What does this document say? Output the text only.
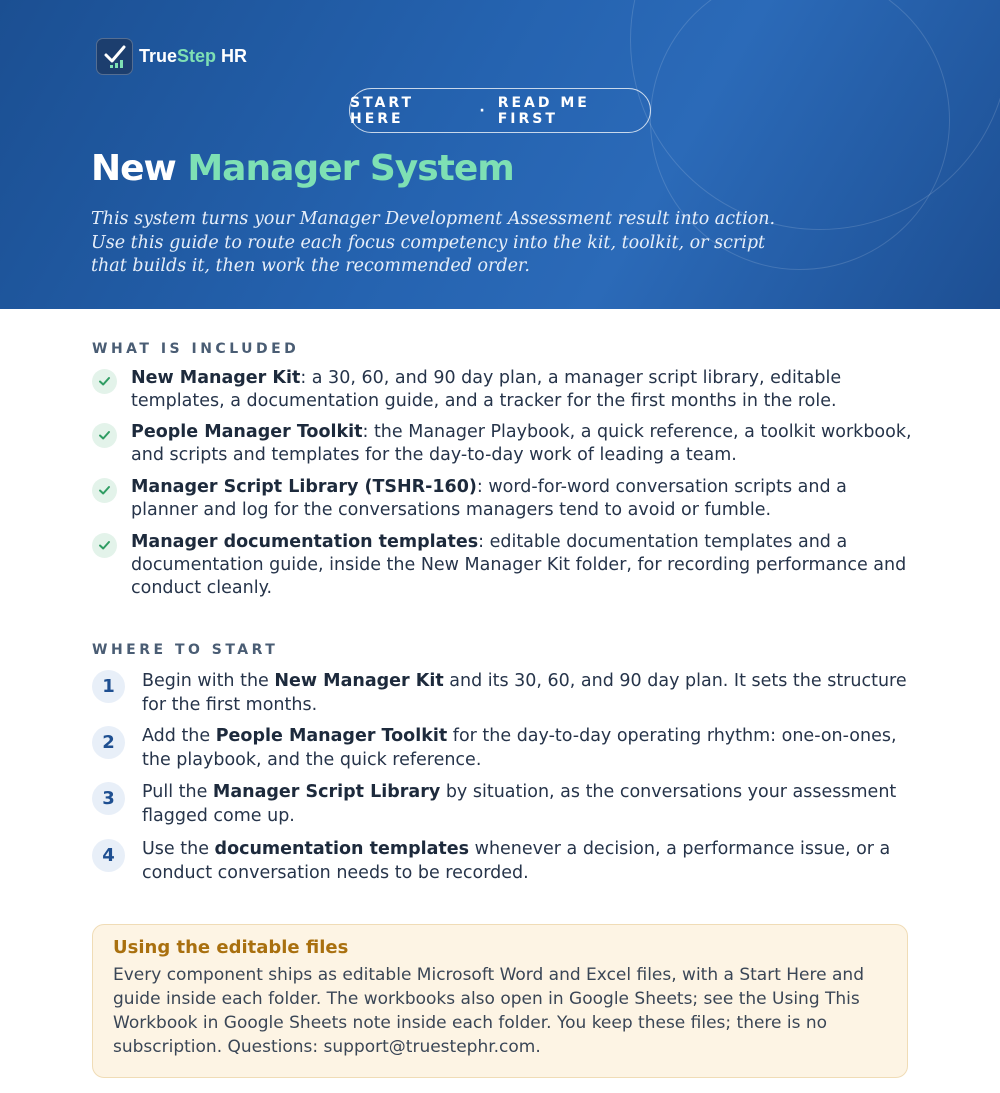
TrueStep HR
START HERE	· READ ME FIRST
New Manager System
This system turns your Manager Development Assessment result into action. Use this guide to route each focus competency into the kit, toolkit, or script that builds it, then work the recommended order.
WHAT IS INCLUDED
New Manager Kit: a 30, 60, and 90 day plan, a manager script library, editable templates, a documentation guide, and a tracker for the first months in the role.
People Manager Toolkit: the Manager Playbook, a quick reference, a toolkit workbook, and scripts and templates for the day-to-day work of leading a team.
Manager Script Library (TSHR-160): word-for-word conversation scripts and a planner and log for the conversations managers tend to avoid or fumble.
Manager documentation templates: editable documentation templates and a documentation guide, inside the New Manager Kit folder, for recording performance and conduct cleanly.
WHERE TO START
1	Begin with the New Manager Kit and its 30, 60, and 90 day plan. It sets the structure for the first months.
2	Add the People Manager Toolkit for the day-to-day operating rhythm: one-on-ones, the playbook, and the quick reference.
3	Pull the Manager Script Library by situation, as the conversations your assessment flagged come up.
4	Use the documentation templates whenever a decision, a performance issue, or a conduct conversation needs to be recorded.
Using the editable files
Every component ships as editable Microsoft Word and Excel files, with a Start Here and guide inside each folder. The workbooks also open in Google Sheets; see the Using This Workbook in Google Sheets note inside each folder. You keep these files; there is no subscription. Questions: support@truestephr.com.
